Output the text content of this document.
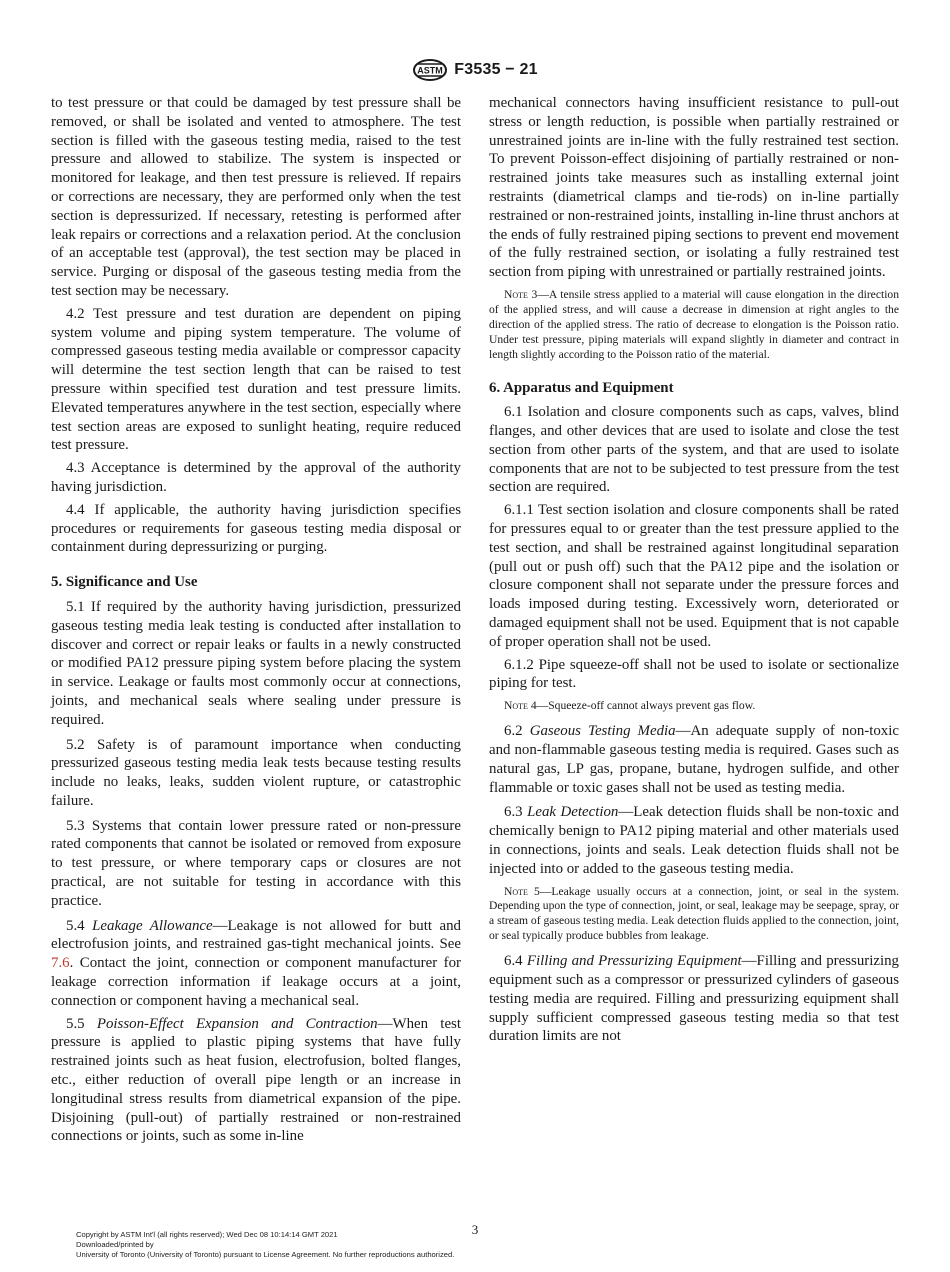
ASTM F3535 − 21

to test pressure or that could be damaged by test pressure shall be removed, or shall be isolated and vented to atmosphere. The test section is filled with the gaseous testing media, raised to the test pressure and allowed to stabilize. The system is inspected or monitored for leakage, and then test pressure is relieved. If repairs or corrections are necessary, they are performed only when the test section is depressurized. If necessary, retesting is performed after leak repairs or corrections and a relaxation period. At the conclusion of an acceptable test (approval), the test section may be placed in service. Purging or disposal of the gaseous testing media from the test section may be necessary.

4.2 Test pressure and test duration are dependent on piping system volume and piping system temperature. The volume of compressed gaseous testing media available or compressor capacity will determine the test section length that can be raised to test pressure within specified test duration and test pressure limits. Elevated temperatures anywhere in the test section, especially where test section areas are exposed to sunlight heating, require reduced test pressure.

4.3 Acceptance is determined by the approval of the authority having jurisdiction.

4.4 If applicable, the authority having jurisdiction specifies procedures or requirements for gaseous testing media disposal or containment during depressurizing or purging.

5. Significance and Use

5.1 If required by the authority having jurisdiction, pressurized gaseous testing media leak testing is conducted after installation to discover and correct or repair leaks or faults in a newly constructed or modified PA12 pressure piping system before placing the system in service. Leakage or faults most commonly occur at connections, joints, and mechanical seals where sealing under pressure is required.

5.2 Safety is of paramount importance when conducting pressurized gaseous testing media leak tests because testing results include no leaks, leaks, sudden violent rupture, or catastrophic failure.

5.3 Systems that contain lower pressure rated or non-pressure rated components that cannot be isolated or removed from exposure to test pressure, or where temporary caps or closures are not practical, are not suitable for testing in accordance with this practice.

5.4 Leakage Allowance—Leakage is not allowed for butt and electrofusion joints, and restrained gas-tight mechanical joints. See 7.6. Contact the joint, connection or component manufacturer for leakage correction information if leakage occurs at a joint, connection or component having a mechanical seal.

5.5 Poisson-Effect Expansion and Contraction—When test pressure is applied to plastic piping systems that have fully restrained joints such as heat fusion, electrofusion, bolted flanges, etc., either reduction of overall pipe length or an increase in longitudinal stress results from diametrical expansion of the pipe. Disjoining (pull-out) of partially restrained or non-restrained connections or joints, such as some in-line

mechanical connectors having insufficient resistance to pull-out stress or length reduction, is possible when partially restrained or unrestrained joints are in-line with the fully restrained test section. To prevent Poisson-effect disjoining of partially restrained or non-restrained joints take measures such as installing external joint restraints (diametrical clamps and tie-rods) on in-line partially restrained or non-restrained joints, installing in-line thrust anchors at the ends of fully restrained piping sections to prevent end movement of the fully restrained section, or isolating a fully restrained test section from piping with unrestrained or partially restrained joints.

Note 3—A tensile stress applied to a material will cause elongation in the direction of the applied stress, and will cause a decrease in dimension at right angles to the direction of the applied stress. The ratio of decrease to elongation is the Poisson ratio. Under test pressure, piping materials will expand slightly in diameter and contract in length slightly according to the Poisson ratio of the material.

6. Apparatus and Equipment

6.1 Isolation and closure components such as caps, valves, blind flanges, and other devices that are used to isolate and close the test section from other parts of the system, and that are used to isolate components that are not to be subjected to test pressure from the test section are required.

6.1.1 Test section isolation and closure components shall be rated for pressures equal to or greater than the test pressure applied to the test section, and shall be restrained against longitudinal separation (pull out or push off) such that the PA12 pipe and the isolation or closure component shall not separate under the pressure forces and loads imposed during testing. Excessively worn, deteriorated or damaged equipment shall not be used. Equipment that is not capable of proper operation shall not be used.

6.1.2 Pipe squeeze-off shall not be used to isolate or sectionalize piping for test.

Note 4—Squeeze-off cannot always prevent gas flow.

6.2 Gaseous Testing Media—An adequate supply of non-toxic and non-flammable gaseous testing media is required. Gases such as natural gas, LP gas, propane, butane, hydrogen sulfide, and other flammable or toxic gases shall not be used as testing media.

6.3 Leak Detection—Leak detection fluids shall be non-toxic and chemically benign to PA12 piping material and other materials used in connections, joints and seals. Leak detection fluids shall not be injected into or added to the gaseous testing media.

Note 5—Leakage usually occurs at a connection, joint, or seal in the system. Depending upon the type of connection, joint, or seal, leakage may be seepage, spray, or a stream of gaseous testing media. Leak detection fluids applied to the connection, joint, or seal typically produce bubbles from leakage.

6.4 Filling and Pressurizing Equipment—Filling and pressurizing equipment such as a compressor or pressurized cylinders of gaseous testing media are required. Filling and pressurizing equipment shall supply sufficient compressed gaseous testing media so that test duration limits are not

3
Copyright by ASTM Int'l (all rights reserved); Wed Dec 08 10:14:14 GMT 2021
Downloaded/printed by
University of Toronto (University of Toronto) pursuant to License Agreement. No further reproductions authorized.
